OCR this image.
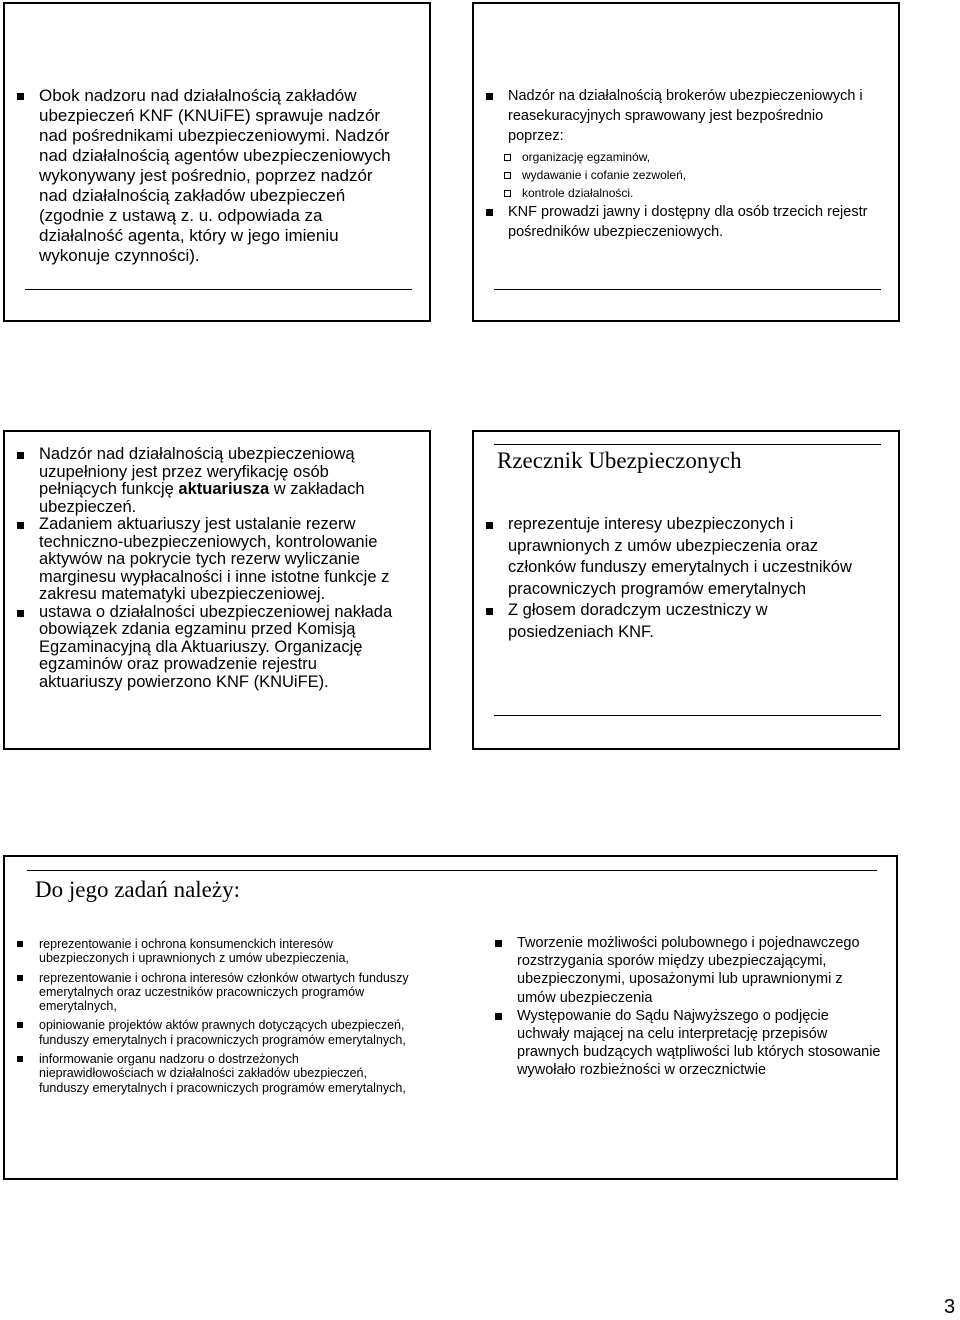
Obok nadzoru nad działalnością zakładów ubezpieczeń KNF (KNUiFE) sprawuje nadzór nad pośrednikami ubezpieczeniowymi. Nadzór nad działalnością agentów ubezpieczeniowych wykonywany jest pośrednio, poprzez nadzór nad działalnością zakładów ubezpieczeń (zgodnie z ustawą z. u. odpowiada za działalność agenta, który w jego imieniu wykonuje czynności).
Nadzór na działalnością brokerów ubezpieczeniowych i reasekuracyjnych sprawowany jest bezpośrednio poprzez:
organizację egzaminów,
wydawanie i cofanie zezwoleń,
kontrole działalności.
KNF prowadzi jawny i dostępny dla osób trzecich rejestr pośredników ubezpieczeniowych.
Nadzór nad działalnością ubezpieczeniową uzupełniony jest przez weryfikację osób pełniących funkcję aktuariusza w zakładach ubezpieczeń.
Zadaniem aktuariuszy jest ustalanie rezerw techniczno-ubezpieczeniowych, kontrolowanie aktywów na pokrycie tych rezerw wyliczanie marginesu wypłacalności i inne istotne funkcje z zakresu matematyki ubezpieczeniowej.
ustawa o działalności ubezpieczeniowej nakłada obowiązek zdania egzaminu przed Komisją Egzaminacyjną dla Aktuariuszy. Organizację egzaminów oraz prowadzenie rejestru aktuariuszy powierzono KNF (KNUiFE).
Rzecznik Ubezpieczonych
reprezentuje interesy ubezpieczonych i uprawnionych z umów ubezpieczenia oraz członków funduszy emerytalnych i uczestników pracowniczych programów emerytalnych
Z głosem doradczym uczestniczy w posiedzeniach KNF.
Do jego zadań należy:
reprezentowanie i ochrona konsumenckich interesów ubezpieczonych i uprawnionych z umów ubezpieczenia,
reprezentowanie i ochrona interesów członków otwartych funduszy emerytalnych oraz uczestników pracowniczych programów emerytalnych,
opiniowanie projektów aktów prawnych dotyczących ubezpieczeń, funduszy emerytalnych i pracowniczych programów emerytalnych,
informowanie organu nadzoru o dostrzeżonych nieprawidłowościach w działalności zakładów ubezpieczeń, funduszy emerytalnych i pracowniczych programów emerytalnych,
Tworzenie możliwości polubownego i pojednawczego rozstrzygania sporów między ubezpieczającymi, ubezpieczonymi, uposażonymi lub uprawnionymi z umów ubezpieczenia
Występowanie do Sądu Najwyższego o podjęcie uchwały mającej na celu interpretację przepisów prawnych budzących wątpliwości lub których stosowanie wywołało rozbieżności w orzecznictwie
3
